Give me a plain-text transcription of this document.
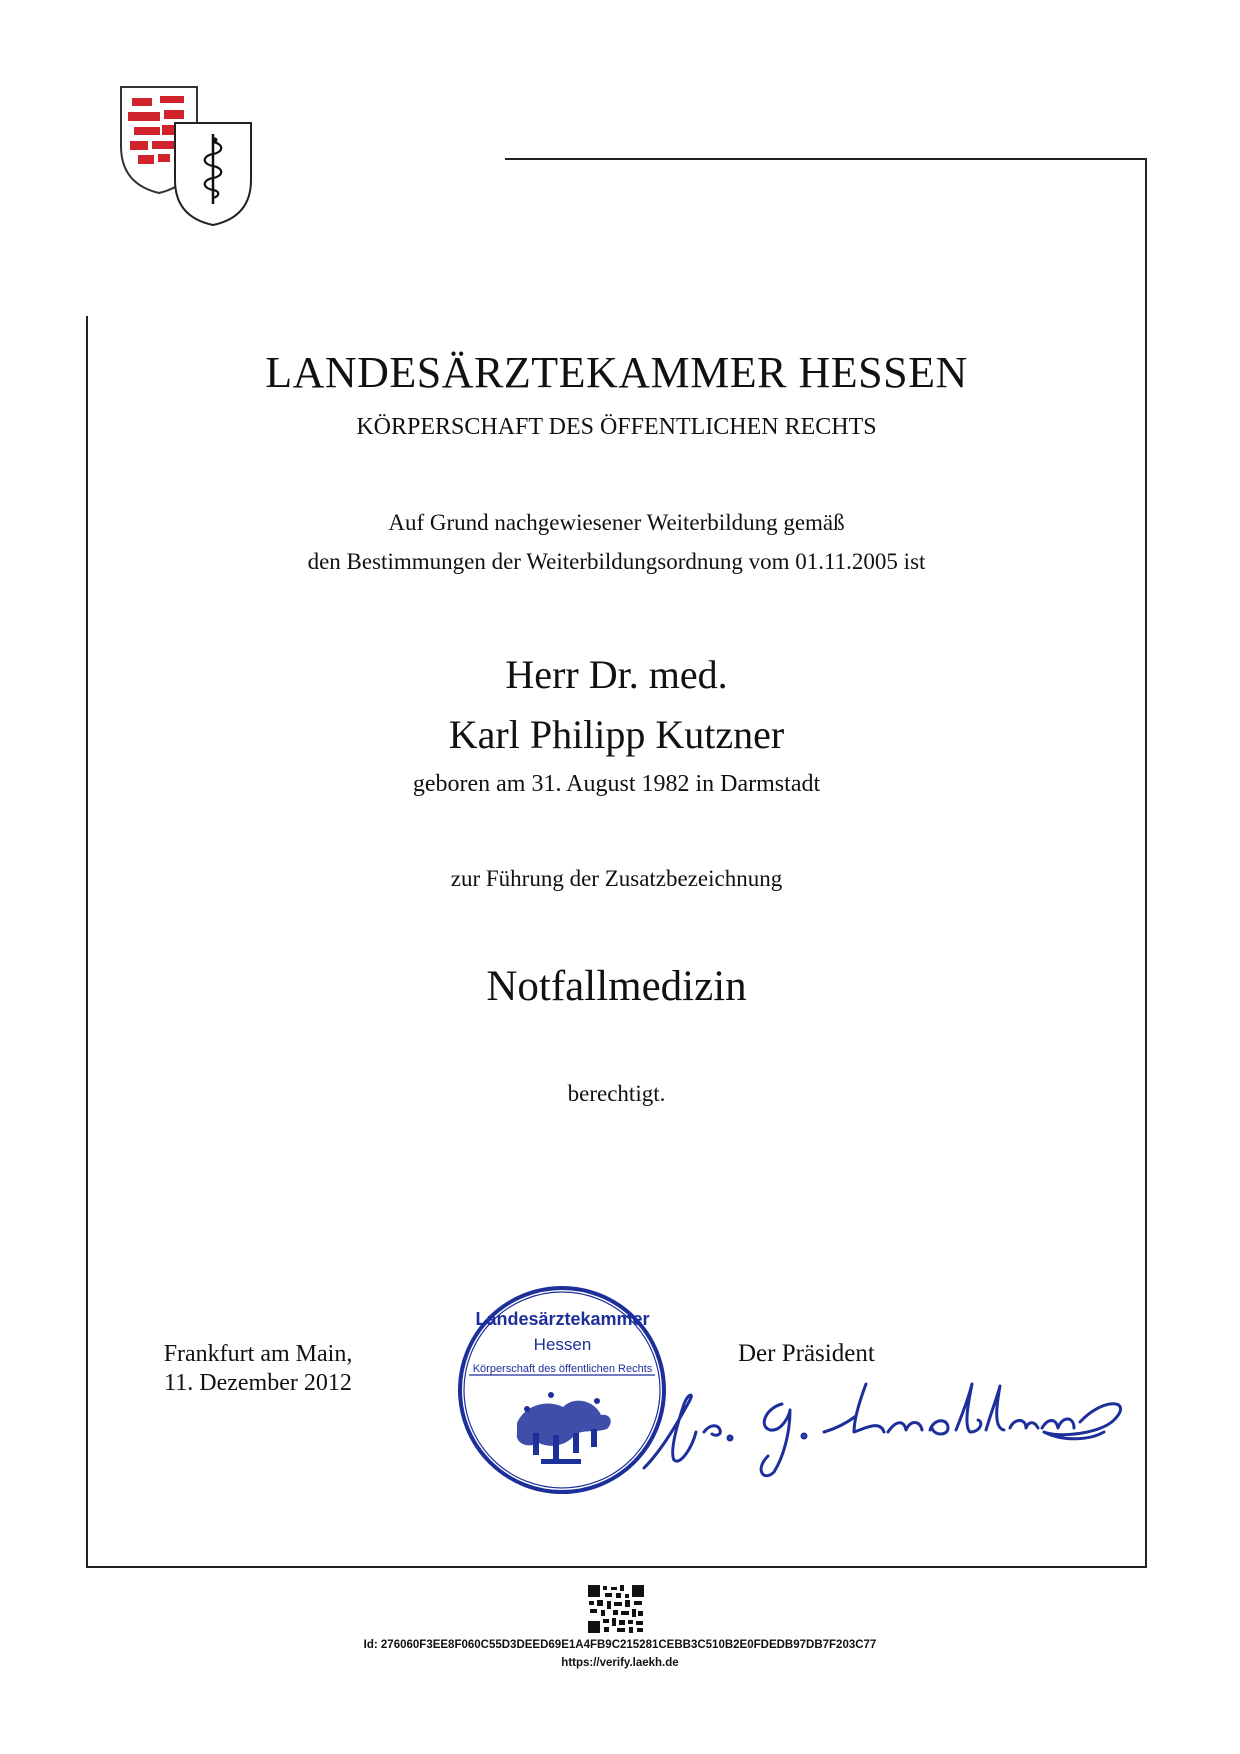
LANDESÄRZTEKAMMER HESSEN
KÖRPERSCHAFT DES ÖFFENTLICHEN RECHTS
Auf Grund nachgewiesener Weiterbildung gemäß
den Bestimmungen der Weiterbildungsordnung vom 01.11.2005 ist
Herr Dr. med.
Karl Philipp Kutzner
geboren am 31. August 1982 in Darmstadt
zur Führung der Zusatzbezeichnung
Notfallmedizin
berechtigt.
Frankfurt am Main,
11. Dezember 2012
Landesärztekammer
Hessen
Körperschaft des öffentlichen Rechts
Der Präsident
Id: 276060F3EE8F060C55D3DEED69E1A4FB9C215281CEBB3C510B2E0FDEDB97DB7F203C77
https://verify.laekh.de
